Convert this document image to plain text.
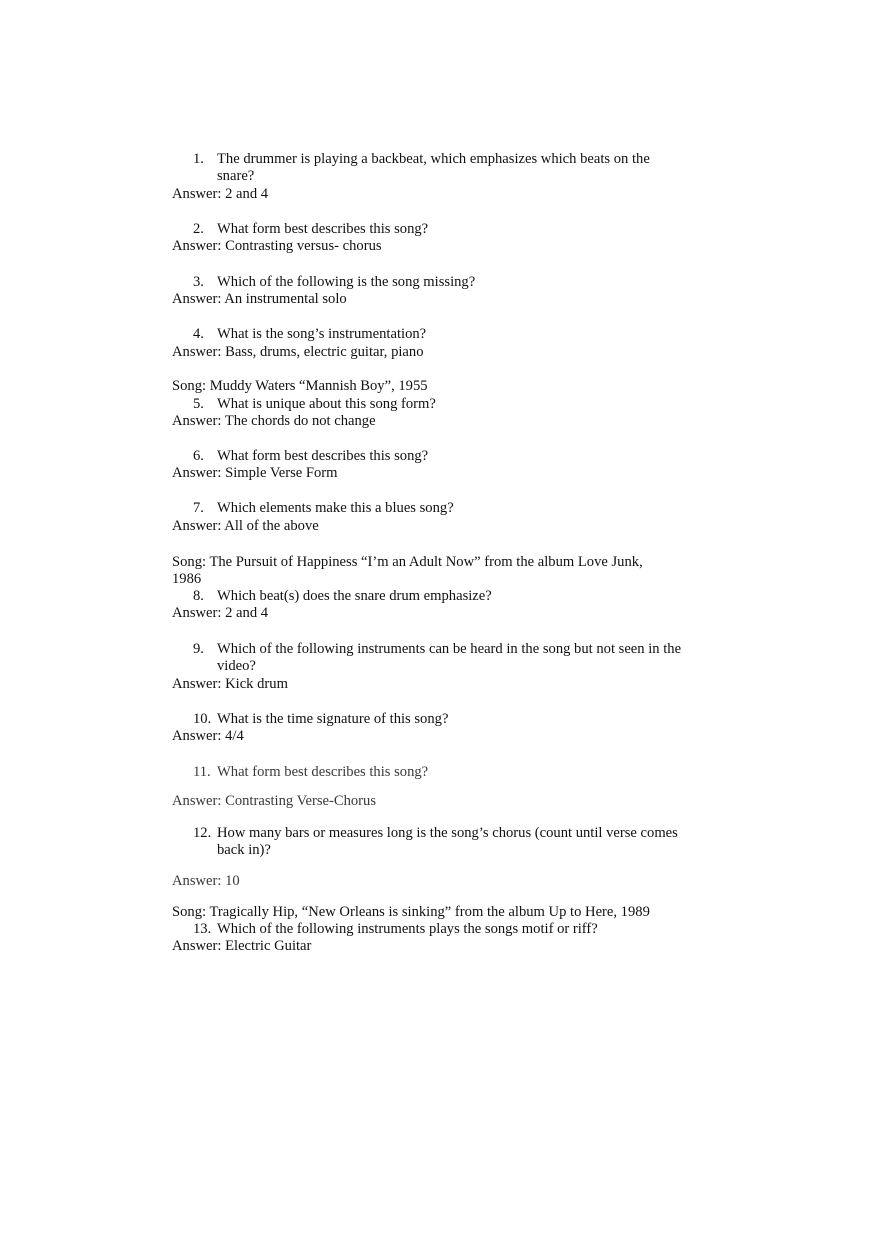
1. The drummer is playing a backbeat, which emphasizes which beats on the
snare?
Answer: 2 and 4
2. What form best describes this song?
Answer: Contrasting versus- chorus
3. Which of the following is the song missing?
Answer: An instrumental solo
4. What is the song’s instrumentation?
Answer: Bass, drums, electric guitar, piano
Song: Muddy Waters “Mannish Boy”, 1955
5. What is unique about this song form?
Answer: The chords do not change
6. What form best describes this song?
Answer: Simple Verse Form
7. Which elements make this a blues song?
Answer: All of the above
Song: The Pursuit of Happiness “I’m an Adult Now” from the album Love Junk,
1986
8. Which beat(s) does the snare drum emphasize?
Answer: 2 and 4
9. Which of the following instruments can be heard in the song but not seen in the
video?
Answer: Kick drum
10. What is the time signature of this song?
Answer: 4/4
11. What form best describes this song?
Answer: Contrasting Verse-Chorus
12. How many bars or measures long is the song’s chorus (count until verse comes
back in)?
Answer: 10
Song: Tragically Hip, “New Orleans is sinking” from the album Up to Here, 1989
13. Which of the following instruments plays the songs motif or riff?
Answer: Electric Guitar
